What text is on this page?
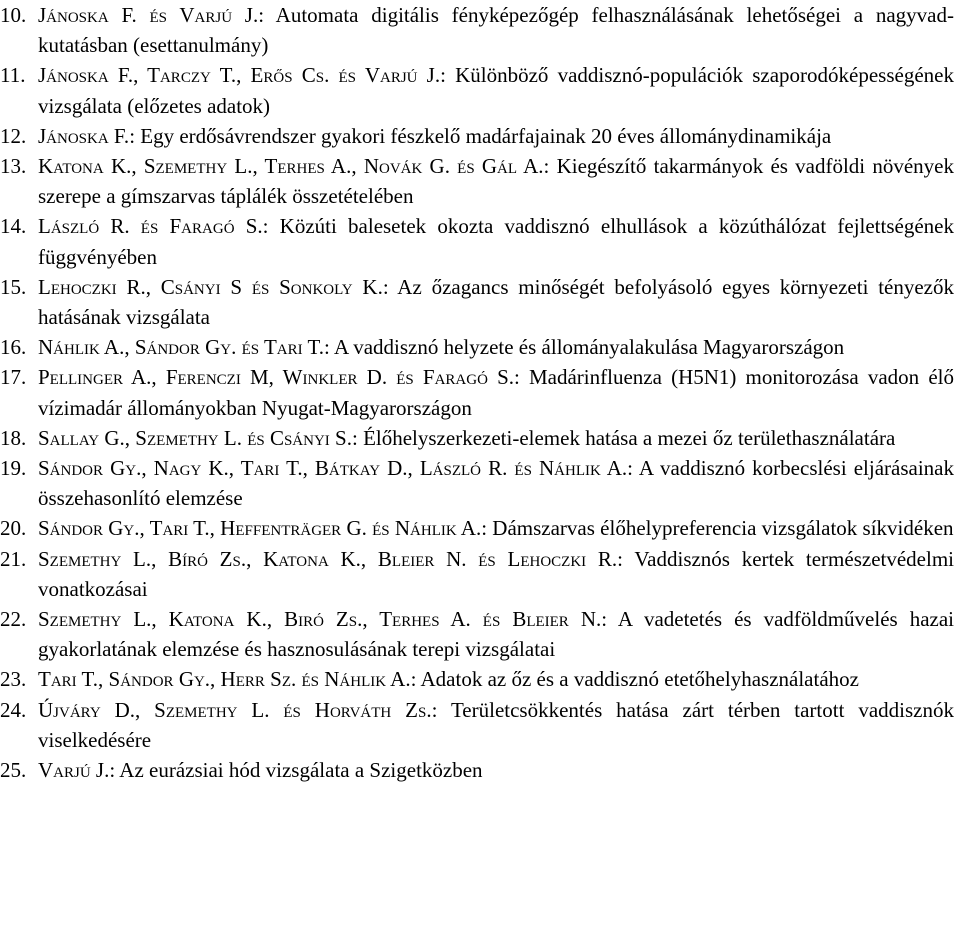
10. Jánoska F. és Varjú J.: Automata digitális fényképezőgép felhasználásának lehetőségei a nagyvad-kutatásban (esettanulmány)
11. Jánoska F., Tarczy T., Erős Cs. és Varjú J.: Különböző vaddisznó-populációk szaporodóképességének vizsgálata (előzetes adatok)
12. Jánoska F.: Egy erdősávrendszer gyakori fészkelő madárfajainak 20 éves állománydinamikája
13. Katona K., Szemethy L., Terhes A., Novák G. és Gál A.: Kiegészítő takarmányok és vadföldi növények szerepe a gímszarvas táplálék összetételében
14. László R. és Faragó S.: Közúti balesetek okozta vaddisznó elhullások a közúthálózat fejlettségének függvényében
15. Lehoczki R., Csányi S és Sonkoly K.: Az őzagancs minőségét befolyásoló egyes környezeti tényezők hatásának vizsgálata
16. Náhlik A., Sándor Gy. és Tari T.: A vaddisznó helyzete és állományalakulása Magyarországon
17. Pellinger A., Ferenczi M, Winkler D. és Faragó S.: Madárinfluenza (H5N1) monitorozása vadon élő vízimadár állományokban Nyugat-Magyarországon
18. Sallay G., Szemethy L. és Csányi S.: Élőhelyszerkezeti-elemek hatása a mezei őz területhasználatára
19. Sándor Gy., Nagy K., Tari T., Bátkay D., László R. és Náhlik A.: A vaddisznó korbecslési eljárásainak összehasonlító elemzése
20. Sándor Gy., Tari T., Heffenträger G. és Náhlik A.: Dámszarvas élőhelypreferencia vizsgálatok síkvidéken
21. Szemethy L., Bíró Zs., Katona K., Bleier N. és Lehoczki R.: Vaddisznós kertek természetvédelmi vonatkozásai
22. Szemethy L., Katona K., Biró Zs., Terhes A. és Bleier N.: A vadetetés és vadföldművelés hazai gyakorlatának elemzése és hasznosulásának terepi vizsgálatai
23. Tari T., Sándor Gy., Herr Sz. és Náhlik A.: Adatok az őz és a vaddisznó etetőhelyhasználatához
24. Újváry D., Szemethy L. és Horváth Zs.: Területcsökkentés hatása zárt térben tartott vaddisznók viselkedésére
25. Varjú J.: Az eurázsiai hód vizsgálata a Szigetközben
